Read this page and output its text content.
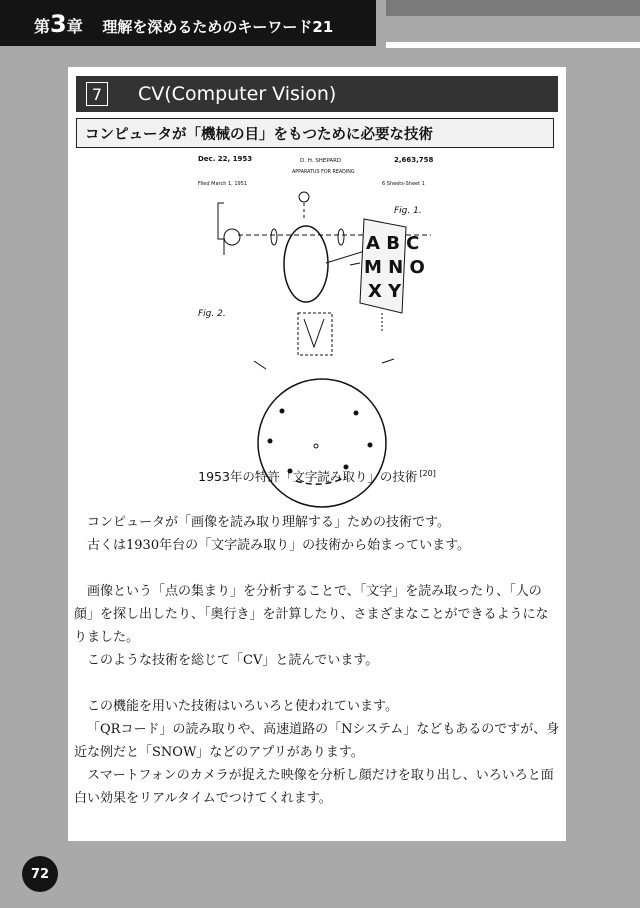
第3章 理解を深めるためのキーワード21
7	CV(Computer Vision)
コンピュータが「機械の目」をもつために必要な技術
Dec. 22, 1953	D. H. SHEPARD	2,663,758
APPARATUS FOR READING
Filed March 1, 1951	6 Sheets-Sheet 1
Fig. 1.
Fig. 2.
A B C
M N O
X Y
1953年の特許「文字読み取り」の技術 [20]

コンピュータが「画像を読み取り理解する」ための技術です。

古くは1930年台の「文字読み取り」の技術から始まっています。

画像という「点の集まり」を分析することで、「文字」を読み取ったり、「人の顔」を探し出したり、「奥行き」を計算したり、さまざまなことができるようになりました。

このような技術を総じて「CV」と読んでいます。

この機能を用いた技術はいろいろと使われています。

「QRコード」の読み取りや、高速道路の「Nシステム」などもあるのですが、身近な例だと「SNOW」などのアプリがあります。

スマートフォンのカメラが捉えた映像を分析し顔だけを取り出し、いろいろと面白い効果をリアルタイムでつけてくれます。

72
